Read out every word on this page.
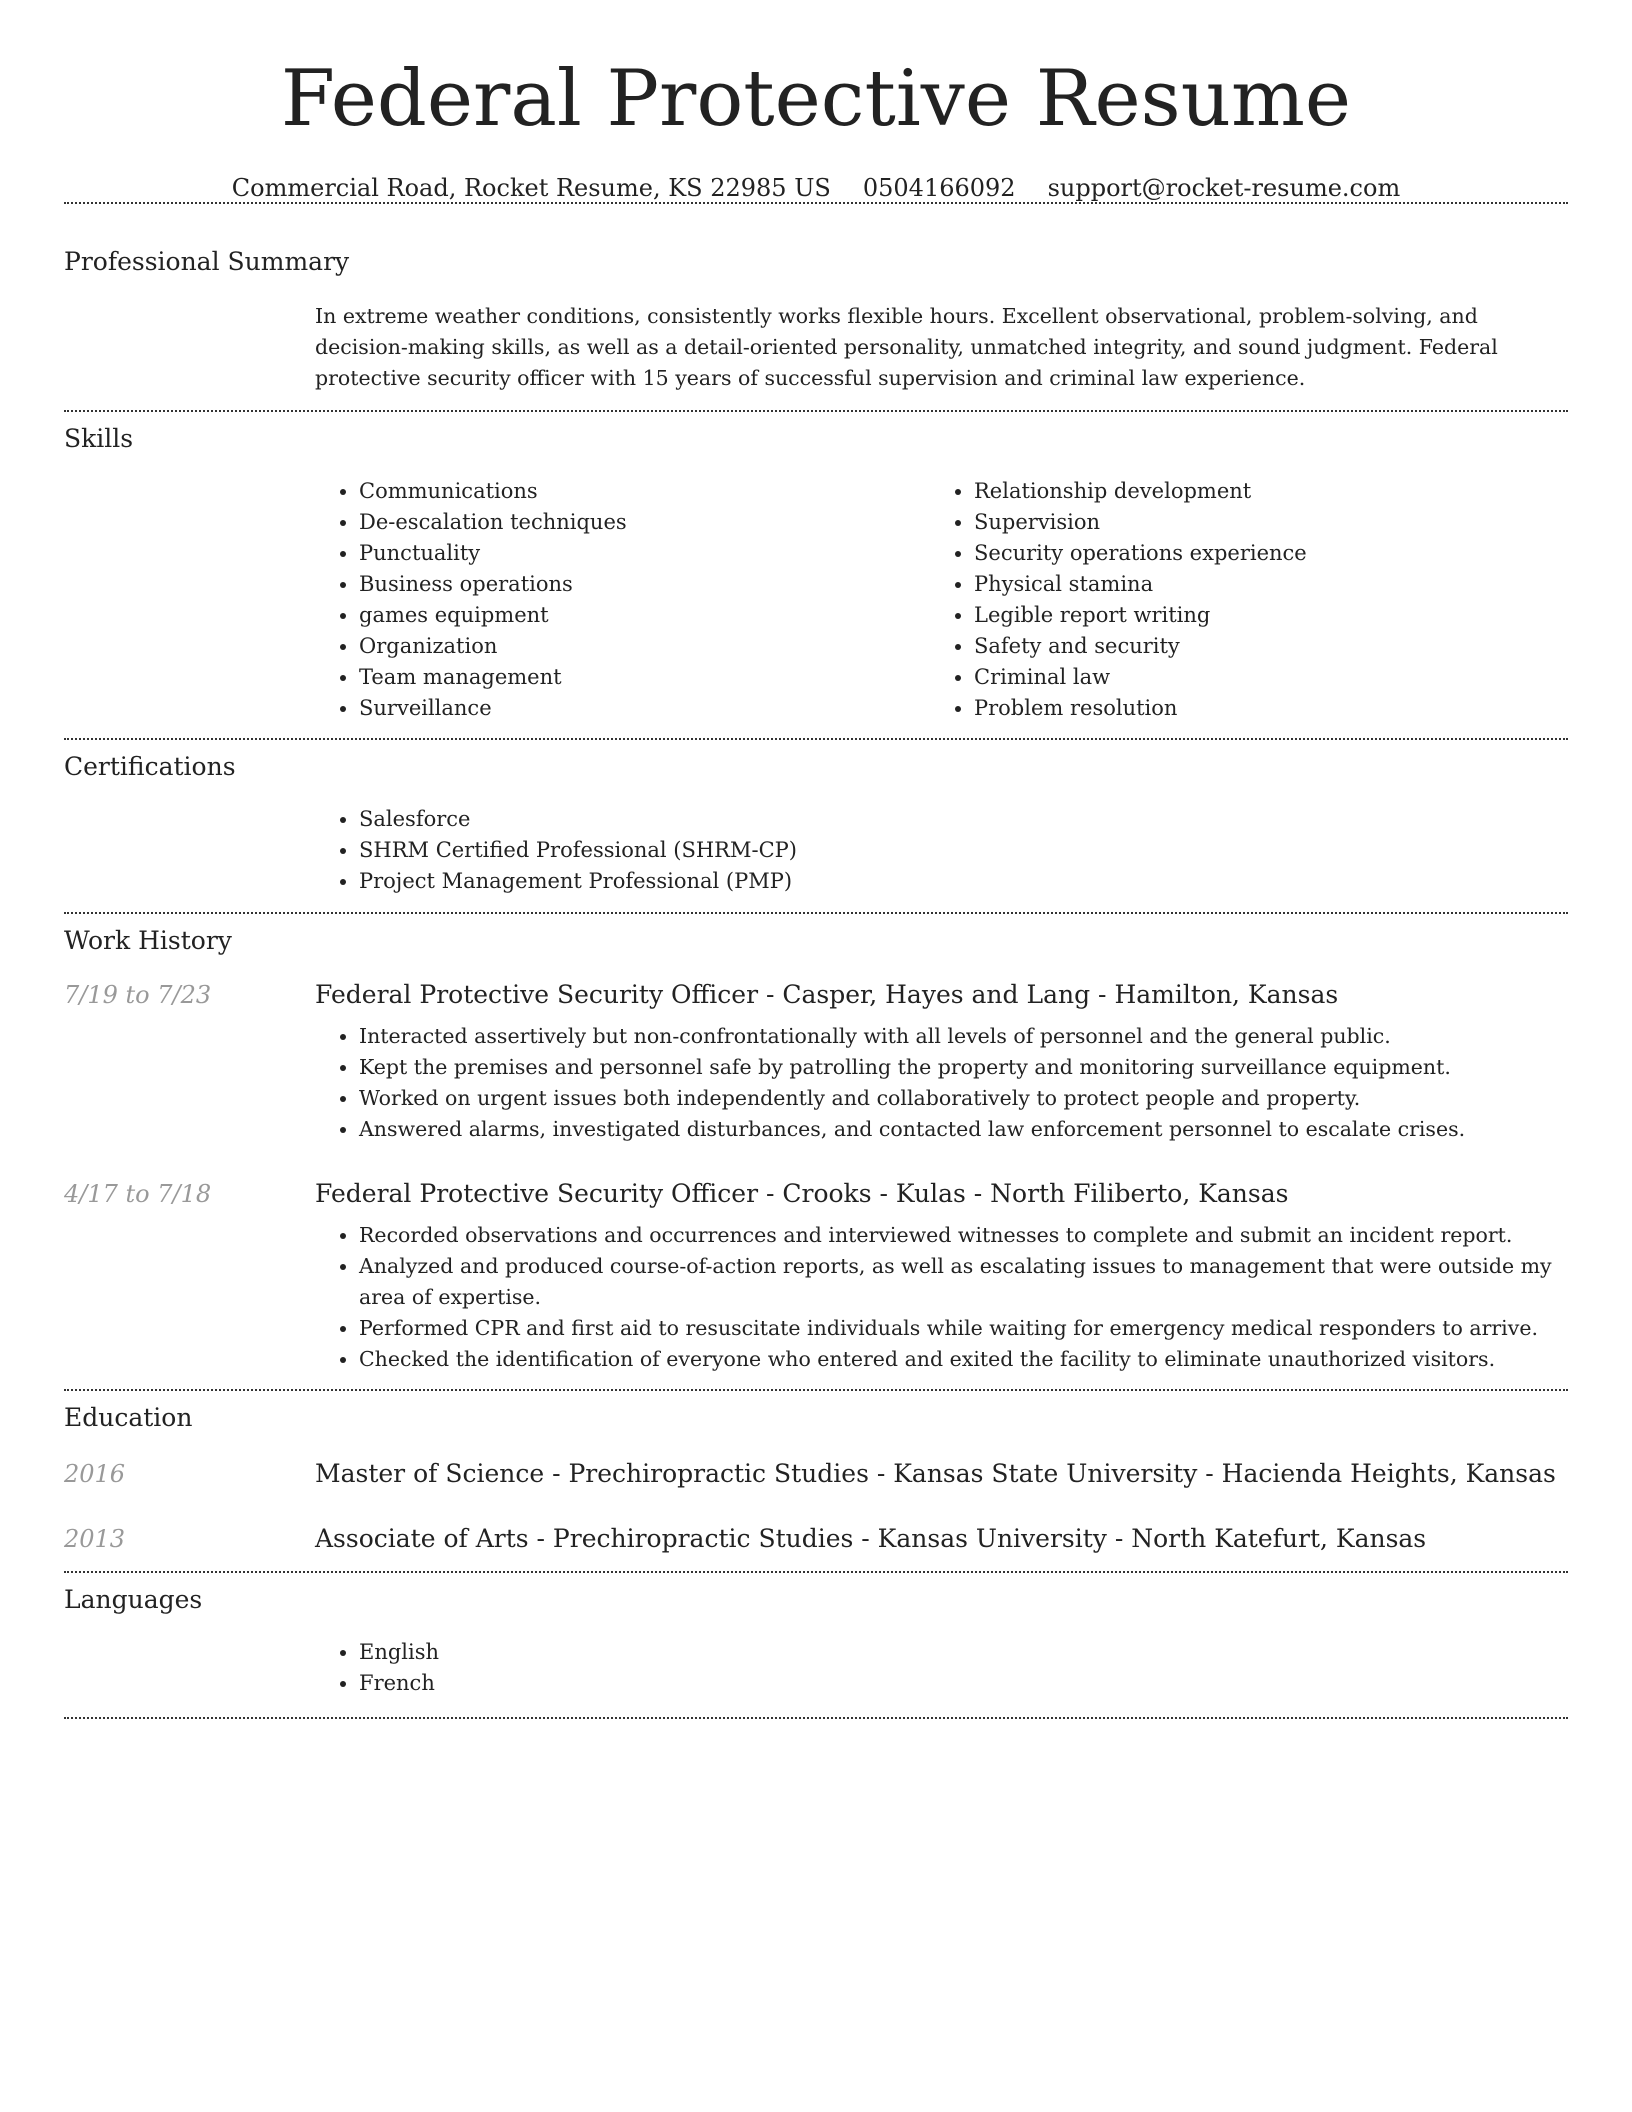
Federal Protective Resume
Commercial Road, Rocket Resume, KS 22985 US 0504166092 support@rocket-resume.com
Professional Summary

In extreme weather conditions, consistently works flexible hours. Excellent observational, problem-solving, and decision-making skills, as well as a detail-oriented personality, unmatched integrity, and sound judgment. Federal protective security officer with 15 years of successful supervision and criminal law experience.

Skills
• Communications
• De-escalation techniques
• Punctuality
• Business operations
• games equipment
• Organization
• Team management
• Surveillance
• Relationship development
• Supervision
• Security operations experience
• Physical stamina
• Legible report writing
• Safety and security
• Criminal law
• Problem resolution
Certifications
• Salesforce
• SHRM Certified Professional (SHRM-CP)
• Project Management Professional (PMP)
Work History
7/19 to 7/23	Federal Protective Security Officer - Casper, Hayes and Lang - Hamilton, Kansas
• Interacted assertively but non-confrontationally with all levels of personnel and the general public.
• Kept the premises and personnel safe by patrolling the property and monitoring surveillance equipment.
• Worked on urgent issues both independently and collaboratively to protect people and property.
• Answered alarms, investigated disturbances, and contacted law enforcement personnel to escalate crises.
4/17 to 7/18	Federal Protective Security Officer - Crooks - Kulas - North Filiberto, Kansas
• Recorded observations and occurrences and interviewed witnesses to complete and submit an incident report.
• Analyzed and produced course-of-action reports, as well as escalating issues to management that were outside my area of expertise.
• Performed CPR and first aid to resuscitate individuals while waiting for emergency medical responders to arrive.
• Checked the identification of everyone who entered and exited the facility to eliminate unauthorized visitors.
Education
2016	Master of Science - Prechiropractic Studies - Kansas State University - Hacienda Heights, Kansas
2013	Associate of Arts - Prechiropractic Studies - Kansas University - North Katefurt, Kansas
Languages
• English
• French
